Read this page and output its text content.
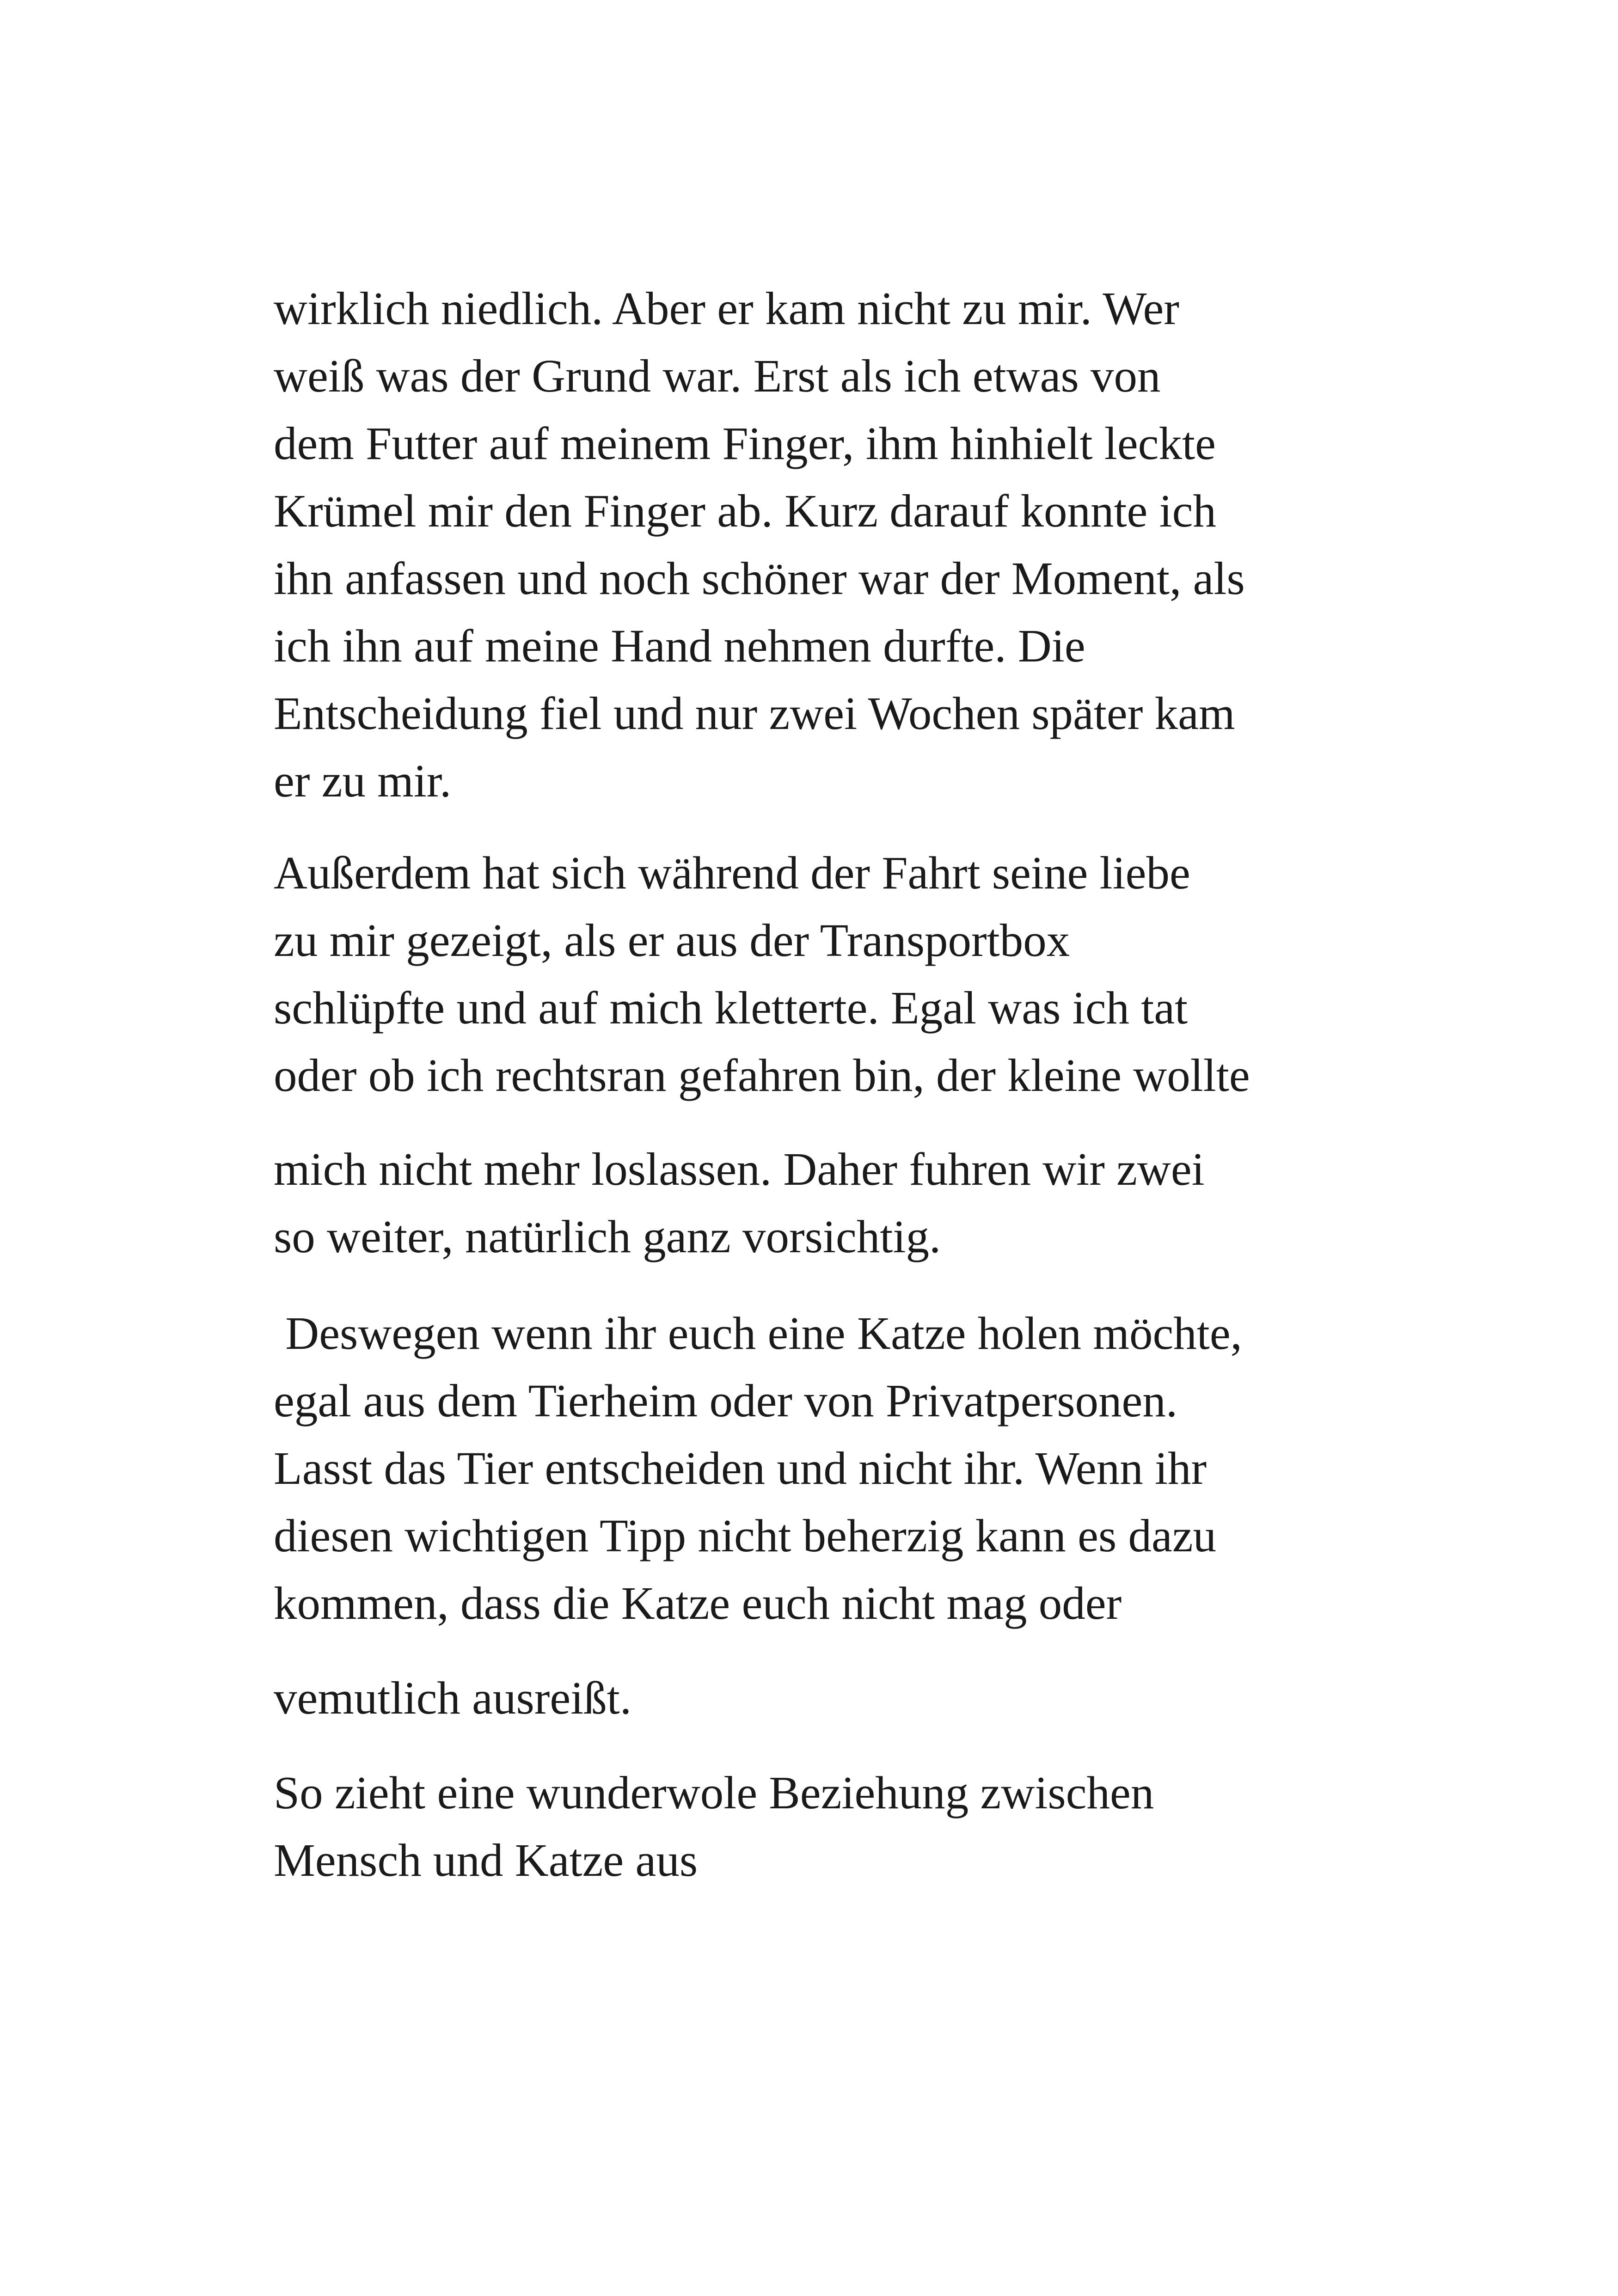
wirklich niedlich. Aber er kam nicht zu mir. Wer

weiß was der Grund war. Erst als ich etwas von

dem Futter auf meinem Finger, ihm hinhielt leckte

Krümel mir den Finger ab. Kurz darauf konnte ich

ihn anfassen und noch schöner war der Moment, als

ich ihn auf meine Hand nehmen durfte. Die

Entscheidung fiel und nur zwei Wochen später kam

er zu mir.

Außerdem hat sich während der Fahrt seine liebe

zu mir gezeigt, als er aus der Transportbox

schlüpfte und auf mich kletterte. Egal was ich tat

oder ob ich rechtsran gefahren bin, der kleine wollte

mich nicht mehr loslassen. Daher fuhren wir zwei

so weiter, natürlich ganz vorsichtig.

Deswegen wenn ihr euch eine Katze holen möchte,

egal aus dem Tierheim oder von Privatpersonen.

Lasst das Tier entscheiden und nicht ihr. Wenn ihr

diesen wichtigen Tipp nicht beherzig kann es dazu

kommen, dass die Katze euch nicht mag oder

vemutlich ausreißt.

So zieht eine wunderwole Beziehung zwischen

Mensch und Katze aus
